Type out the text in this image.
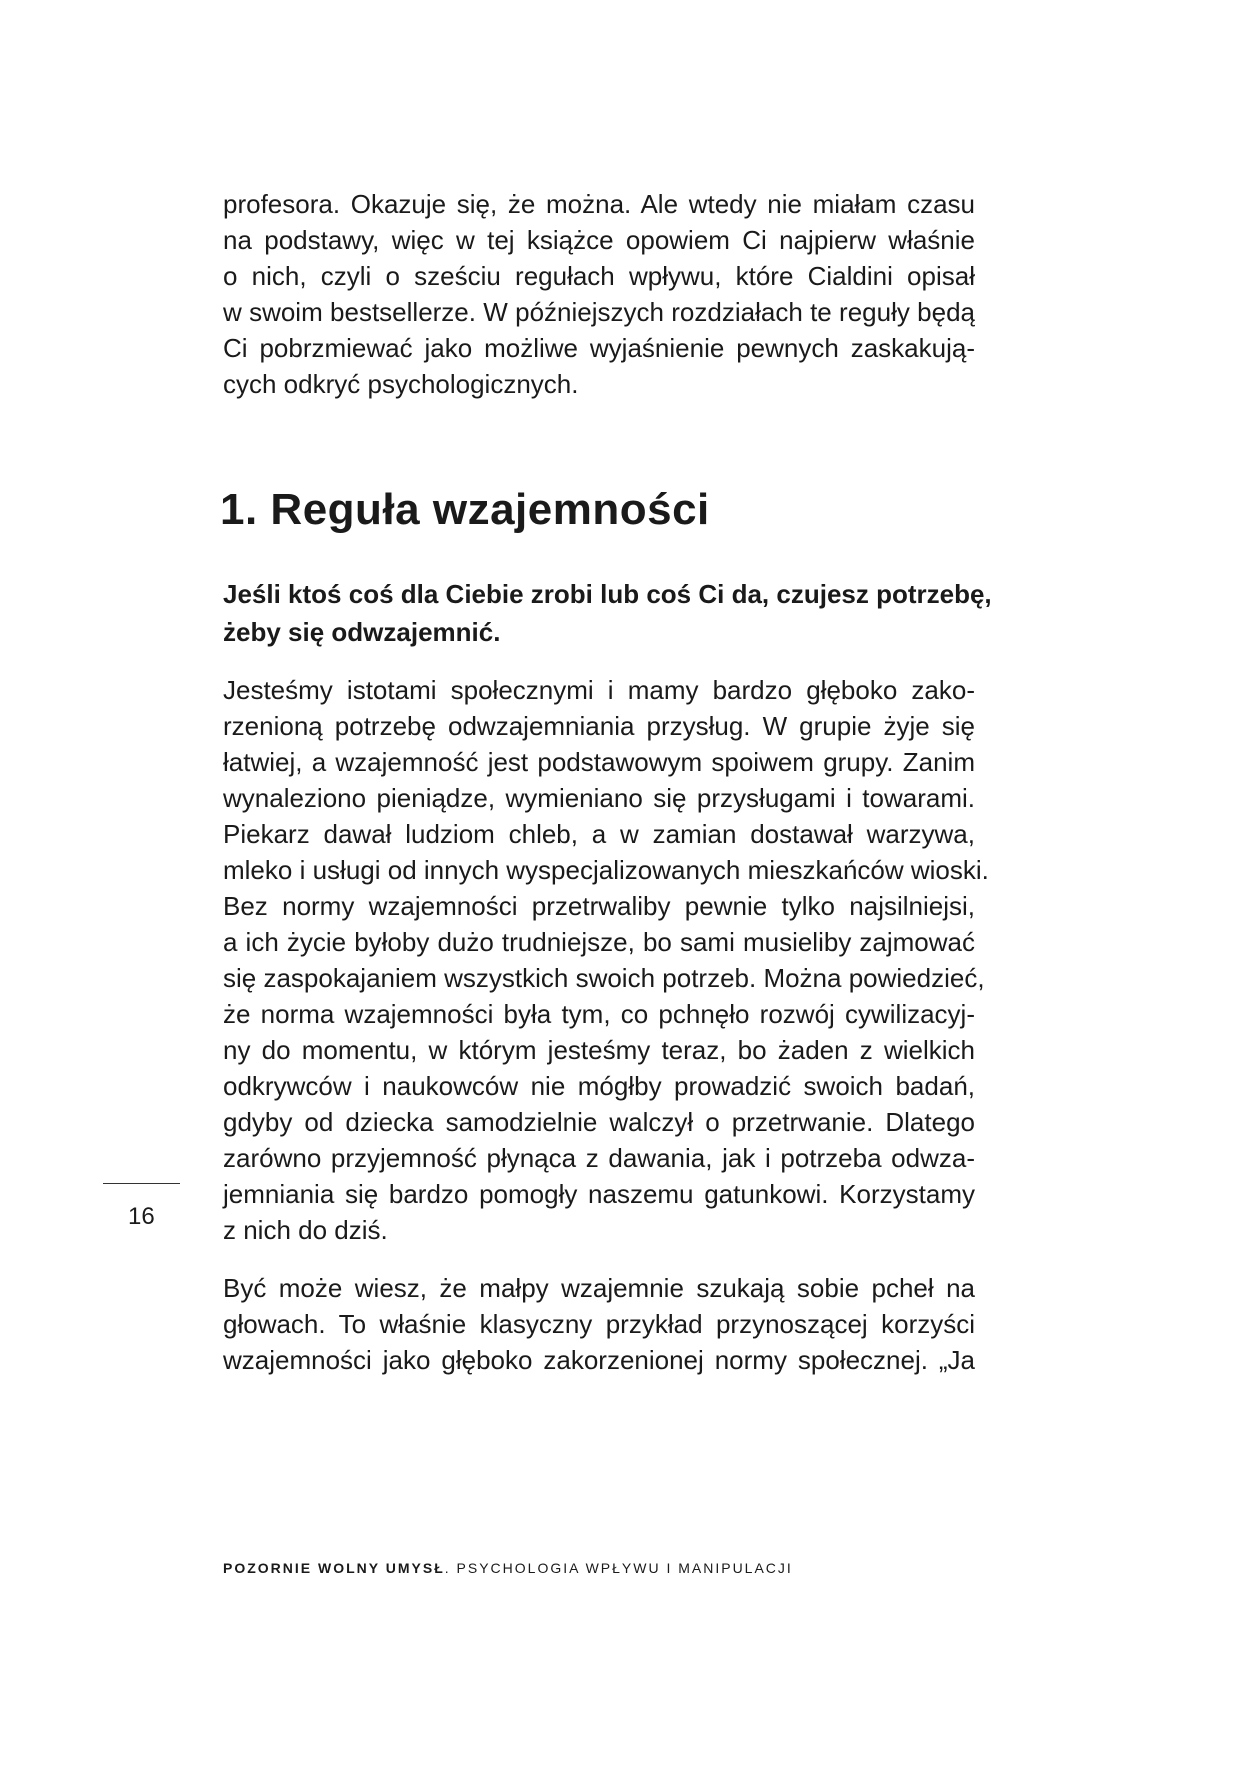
profesora. Okazuje się, że można. Ale wtedy nie miałam czasu
na podstawy, więc w tej książce opowiem Ci najpierw właśnie
o nich, czyli o sześciu regułach wpływu, które Cialdini opisał
w swoim bestsellerze. W późniejszych rozdziałach te reguły będą
Ci pobrzmiewać jako możliwe wyjaśnienie pewnych zaskakują-
cych odkryć psychologicznych.
1. Reguła wzajemności
Jeśli ktoś coś dla Ciebie zrobi lub coś Ci da, czujesz potrzebę,
żeby się odwzajemnić.
Jesteśmy istotami społecznymi i mamy bardzo głęboko zako-
rzenioną potrzebę odwzajemniania przysług. W grupie żyje się
łatwiej, a wzajemność jest podstawowym spoiwem grupy. Zanim
wynaleziono pieniądze, wymieniano się przysługami i towarami.
Piekarz dawał ludziom chleb, a w zamian dostawał warzywa,
mleko i usługi od innych wyspecjalizowanych mieszkańców wioski.
Bez normy wzajemności przetrwaliby pewnie tylko najsilniejsi,
a ich życie byłoby dużo trudniejsze, bo sami musieliby zajmować
się zaspokajaniem wszystkich swoich potrzeb. Można powiedzieć,
że norma wzajemności była tym, co pchnęło rozwój cywilizacyj-
ny do momentu, w którym jesteśmy teraz, bo żaden z wielkich
odkrywców i naukowców nie mógłby prowadzić swoich badań,
gdyby od dziecka samodzielnie walczył o przetrwanie. Dlatego
zarówno przyjemność płynąca z dawania, jak i potrzeba odwza-
jemniania się bardzo pomogły naszemu gatunkowi. Korzystamy
z nich do dziś.
Być może wiesz, że małpy wzajemnie szukają sobie pcheł na
głowach. To właśnie klasyczny przykład przynoszącej korzyści
wzajemności jako głęboko zakorzenionej normy społecznej. „Ja
16
POZORNIE WOLNY UMYSŁ. PSYCHOLOGIA WPŁYWU I MANIPULACJI
